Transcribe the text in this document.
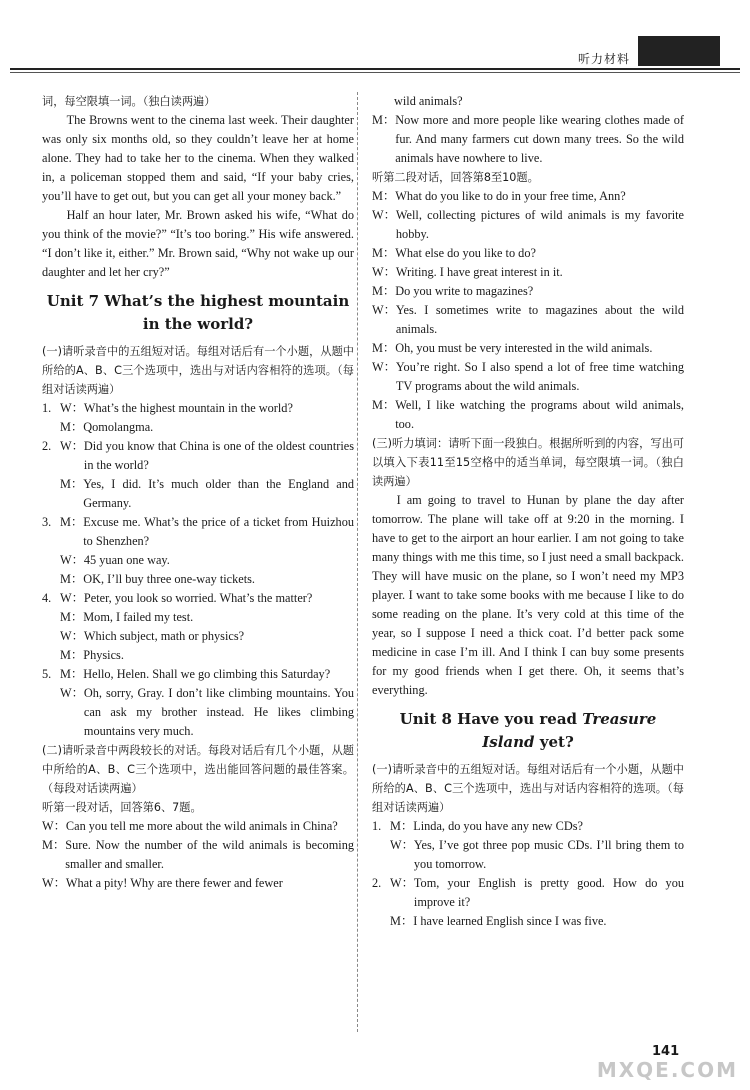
听力材料

词，每空限填一词。（独白读两遍）

The Browns went to the cinema last week. Their daughter was only six months old, so they couldn’t leave her at home alone. They had to take her to the cinema. When they walked in, a policeman stopped them and said, “If your baby cries, you’ll have to get out, but you can get all your money back.”

Half an hour later, Mr. Brown asked his wife, “What do you think of the movie?” “It’s too boring.” His wife answered. “I don’t like it, either.” Mr. Brown said, “Why not wake up our daughter and let her cry?”

Unit 7 What’s the highest mountain in the world?

(一)请听录音中的五组短对话。每组对话后有一个小题，从题中所给的A、B、C三个选项中，选出与对话内容相符的选项。（每组对话读两遍）

1. W： What’s the highest mountain in the world?
M： Qomolangma.
2. W： Did you know that China is one of the oldest countries in the world?
M： Yes, I did. It’s much older than the England and Germany.
3. M： Excuse me. What’s the price of a ticket from Huizhou to Shenzhen?
W： 45 yuan one way.
M： OK, I’ll buy three one-way tickets.
4. W： Peter, you look so worried. What’s the matter?
M： Mom, I failed my test.
W： Which subject, math or physics?
M： Physics.
5. M： Hello, Helen. Shall we go climbing this Saturday?
W： Oh, sorry, Gray. I don’t like climbing mountains. You can ask my brother instead. He likes climbing mountains very much.

(二)请听录音中两段较长的对话。每段对话后有几个小题，从题中所给的A、B、C三个选项中，选出能回答问题的最佳答案。（每段对话读两遍）

听第一段对话，回答第6、7题。

W： Can you tell me more about the wild animals in China?
M： Sure. Now the number of the wild animals is becoming smaller and smaller.
W： What a pity! Why are there fewer and fewer
wild animals?
M： Now more and more people like wearing clothes made of fur. And many farmers cut down many trees. So the wild animals have nowhere to live.

听第二段对话，回答第8至10题。

M： What do you like to do in your free time, Ann?
W： Well, collecting pictures of wild animals is my favorite hobby.
M： What else do you like to do?
W： Writing. I have great interest in it.
M： Do you write to magazines?
W： Yes. I sometimes write to magazines about the wild animals.
M： Oh, you must be very interested in the wild animals.
W： You’re right. So I also spend a lot of free time watching TV programs about the wild animals.
M： Well, I like watching the programs about wild animals, too.

(三)听力填词：请听下面一段独白。根据所听到的内容，写出可以填入下表11至15空格中的适当单词，每空限填一词。（独白读两遍）

I am going to travel to Hunan by plane the day after tomorrow. The plane will take off at 9:20 in the morning. I have to get to the airport an hour earlier. I am not going to take many things with me this time, so I just need a small backpack. They will have music on the plane, so I won’t need my MP3 player. I want to take some books with me because I like to do some reading on the plane. It’s very cold at this time of the year, so I suppose I need a thick coat. I’d better pack some medicine in case I’m ill. And I think I can buy some presents for my good friends when I get there. Oh, it seems that’s everything.

Unit 8 Have you read Treasure Island yet?

(一)请听录音中的五组短对话。每组对话后有一个小题，从题中所给的A、B、C三个选项中，选出与对话内容相符的选项。（每组对话读两遍）

1. M： Linda, do you have any new CDs?
W： Yes, I’ve got three pop music CDs. I’ll bring them to you tomorrow.
2. W： Tom, your English is pretty good. How do you improve it?
M： I have learned English since I was five.
141
MXQE.COM
